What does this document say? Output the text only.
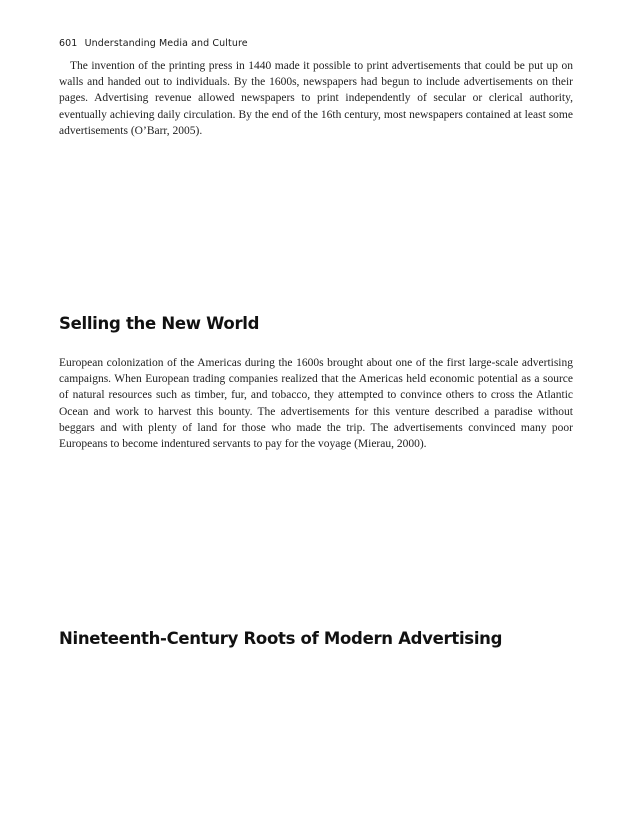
601 Understanding Media and Culture

The invention of the printing press in 1440 made it possible to print advertisements that could be put up on walls and handed out to individuals. By the 1600s, newspapers had begun to include advertisements on their pages. Advertising revenue allowed newspapers to print independently of secular or clerical authority, eventually achieving daily circulation. By the end of the 16th century, most newspapers contained at least some advertisements (O’Barr, 2005).

Selling the New World

European colonization of the Americas during the 1600s brought about one of the first large-scale advertising campaigns. When European trading companies realized that the Americas held economic potential as a source of natural resources such as timber, fur, and tobacco, they attempted to convince others to cross the Atlantic Ocean and work to harvest this bounty. The advertisements for this venture described a paradise without beggars and with plenty of land for those who made the trip. The advertisements convinced many poor Europeans to become indentured servants to pay for the voyage (Mierau, 2000).

Nineteenth-Century Roots of Modern Advertising
